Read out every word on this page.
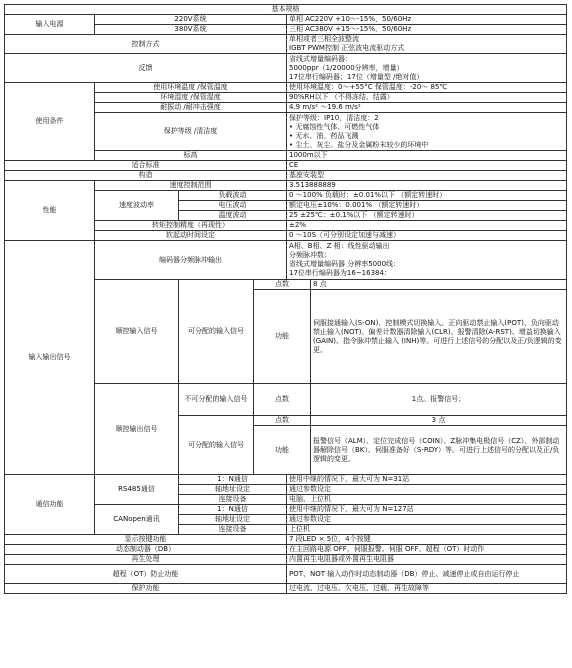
基本规格					
输入电源	220V系统			单相 AC220V +10～-15%，50/60Hz	
	380V系统			三相 AC380V +15～-15%，50/60Hz	
控制方式				单相或者三相全波整流
IGBT PWM控制 正弦波电流驱动方式	

反馈				省线式增量编码器：
5000ppr（1/20000分辨率，增量）
17位串行编码器；17位（增量型 /绝对值）	

使用条件	使用环境温度 /保管温度			使用环境温度：0～+55°C 保管温度：-20～ 85℃	
	环境湿度 /保管湿度			90%RH以下 （不得冻结、结露）	
	耐振动 /耐冲击强度			4.9 m/s² ～19.6 m/s²	
	保护等级 /清洁度			保护等级：IP10，清洁度：2
• 无腐蚀性气体、可燃性气体
• 无水、油、药品飞溅
• 尘土、灰尘、盐分及金属粉末较少的环境中	

	标高			1000m以下	
适合标准				CE	
构造				基座安装型	
性能	速度控制范围			3.513888889	
	速度波动率	负载波动		0 ～100% 负载时：±0.01%以下 （额定转速时）	
		电压波动		额定电压±10%：0.001% （额定转速时）	
		温度波动		25 ±25℃：±0.1%以下 （额定转速时）	
	转矩控制精度（再现性）			±2%	
	软起动时间设定			0 ～10S（可分别设定加速与减速）	
输入输出信号	编码器分频脉冲输出			A相、B相、Z 相：线性驱动输出
分频脉冲数：
省线式增量编码器 分辨率5000线：
17位串行编码器为16~16384：	

	顺控输入信号	可分配的输入信号	点数		8 点
			功能		伺服接通输入(S-ON)、控制模式切换输入、正向驱动禁止输入(POT)、负向驱动禁止输入(NOT)、偏差计数器清除输入(CLR)、报警清除(A-RST)、增益切换输入(GAIN)、指令脉冲禁止输入 (INH)等。可进行上述信号的分配以及正/负逻辑的变更。
	顺控输出信号	不可分配的输入信号	点数		1点。报警信号；

		可分配的输入信号	点数		3 点
			功能		报警信号（ALM）、定位完成信号（COIN）、Z脉冲集电极信号（CZ）、外部制动器解除信号（BK）、伺服准备好（S-RDY）等。可进行上述信号的分配以及正/负逻辑的变更。
通信功能	RS485通信	1：N通信		使用中继的情况下，最大可为 N=31站	
		轴地址设定		通过参数设定	
		连接设备		电脑、上位机	
	CANopen通讯	1：N通信		使用中继的情况下，最大可为 N=127站	
		轴地址设定		通过参数设定	
		连接设备		上位机	
显示按键功能				7 段LED × 5位，4个按键	
动态制动器（DB）				在主回路电源 OFF、伺服报警、伺服 OFF、超程（OT）时动作	
再生处理				内置再生电阻器或外置再生电阻器	
超程（OT）防止功能				POT、NOT 输入动作时动态制动器（DB）停止、减速停止或自由运行停止	
保护功能				过电流、过电压、欠电压、过载、再生故障等	
